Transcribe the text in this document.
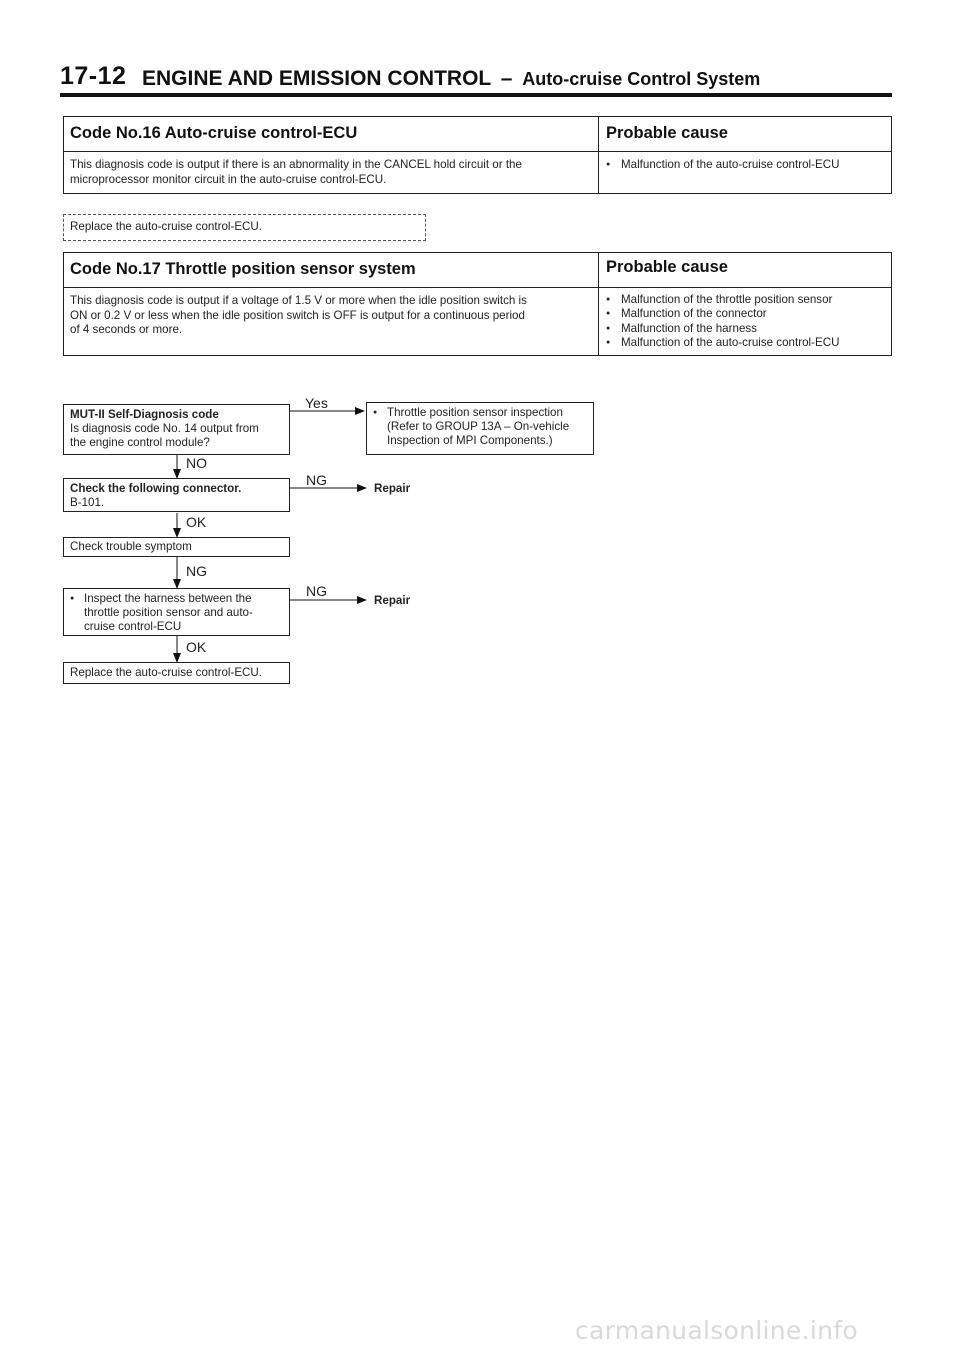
17-12 ENGINE AND EMISSION CONTROL – Auto-cruise Control System
Code No.16 Auto-cruise control-ECU	Probable cause
This diagnosis code is output if there is an abnormality in the CANCEL hold circuit or the
microprocessor monitor circuit in the auto-cruise control-ECU.
● Malfunction of the auto-cruise control-ECU
Replace the auto-cruise control-ECU.
Code No.17 Throttle position sensor system	Probable cause
This diagnosis code is output if a voltage of 1.5 V or more when the idle position switch is
ON or 0.2 V or less when the idle position switch is OFF is output for a continuous period
of 4 seconds or more.
● Malfunction of the throttle position sensor
● Malfunction of the connector
● Malfunction of the harness
● Malfunction of the auto-cruise control-ECU
MUT-II Self-Diagnosis code
Is diagnosis code No. 14 output from
the engine control module?
Yes
● Throttle position sensor inspection
(Refer to GROUP 13A – On-vehicle
Inspection of MPI Components.)
NO
Check the following connector.
B-101.
NG
Repair
OK
Check trouble symptom
NG
● Inspect the harness between the
throttle position sensor and auto-
cruise control-ECU
NG
Repair
OK
Replace the auto-cruise control-ECU.
carmanualsonline.info
